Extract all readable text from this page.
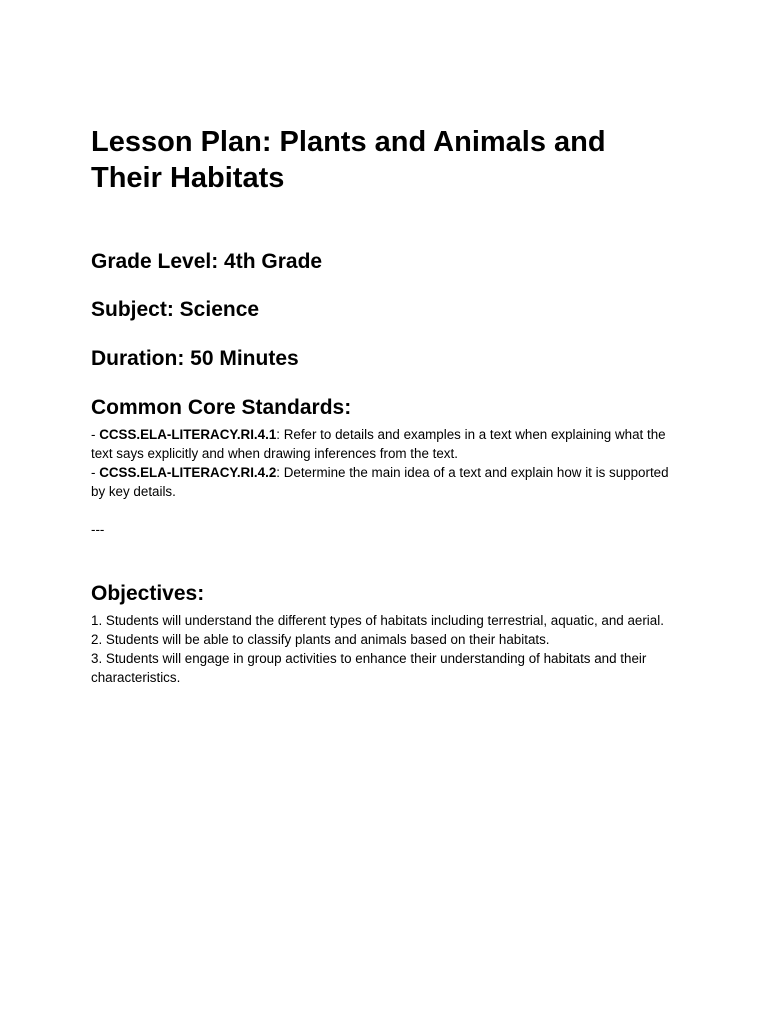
Lesson Plan: Plants and Animals and Their Habitats
Grade Level: 4th Grade
Subject: Science
Duration: 50 Minutes
Common Core Standards:

- CCSS.ELA-LITERACY.RI.4.1: Refer to details and examples in a text when explaining what the text says explicitly and when drawing inferences from the text.

- CCSS.ELA-LITERACY.RI.4.2: Determine the main idea of a text and explain how it is supported by key details.

---

Objectives:

1. Students will understand the different types of habitats including terrestrial, aquatic, and aerial.

2. Students will be able to classify plants and animals based on their habitats.

3. Students will engage in group activities to enhance their understanding of habitats and their characteristics.
